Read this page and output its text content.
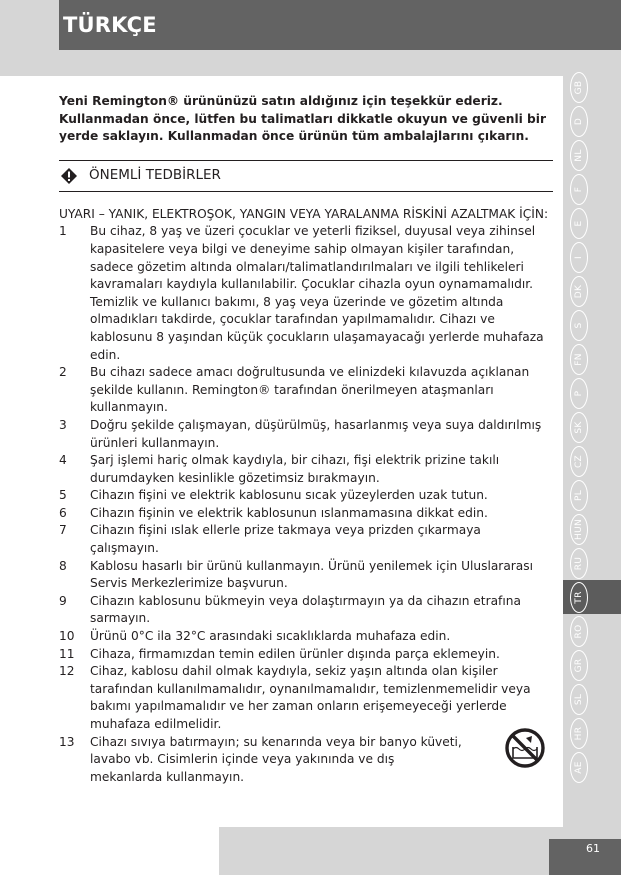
TÜRKÇE
GB
D
NL
F
E
I
DK
S
FN
P
SK
CZ
PL
HUN
RU
TR
RO
GR
SL
HR
AE

Yeni Remington® ürününüzü satın aldığınız için teşekkür ederiz. Kullanmadan önce, lütfen bu talimatları dikkatle okuyun ve güvenli bir yerde saklayın. Kullanmadan önce ürünün tüm ambalajlarını çıkarın.

ÖNEMLİ TEDBİRLER
UYARI – YANIK, ELEKTROŞOK, YANGIN VEYA YARALANMA RİSKİNİ AZALTMAK İÇİN:
1 Bu cihaz, 8 yaş ve üzeri çocuklar ve yeterli fiziksel, duyusal veya zihinsel kapasitelere veya bilgi ve deneyime sahip olmayan kişiler tarafından, sadece gözetim altında olmaları/talimatlandırılmaları ve ilgili tehlikeleri kavramaları kaydıyla kullanılabilir. Çocuklar cihazla oyun oynamamalıdır. Temizlik ve kullanıcı bakımı, 8 yaş veya üzerinde ve gözetim altında olmadıkları takdirde, çocuklar tarafından yapılmamalıdır. Cihazı ve kablosunu 8 yaşından küçük çocukların ulaşamayacağı yerlerde muhafaza edin.
2 Bu cihazı sadece amacı doğrultusunda ve elinizdeki kılavuzda açıklanan şekilde kullanın. Remington® tarafından önerilmeyen ataşmanları kullanmayın.
3 Doğru şekilde çalışmayan, düşürülmüş, hasarlanmış veya suya daldırılmış ürünleri kullanmayın.
4 Şarj işlemi hariç olmak kaydıyla, bir cihazı, fişi elektrik prizine takılı durumdayken kesinlikle gözetimsiz bırakmayın.
5 Cihazın fişini ve elektrik kablosunu sıcak yüzeylerden uzak tutun.
6 Cihazın fişinin ve elektrik kablosunun ıslanmamasına dikkat edin.
7 Cihazın fişini ıslak ellerle prize takmaya veya prizden çıkarmaya çalışmayın.
8 Kablosu hasarlı bir ürünü kullanmayın. Ürünü yenilemek için Uluslararası Servis Merkezlerimize başvurun.
9 Cihazın kablosunu bükmeyin veya dolaştırmayın ya da cihazın etrafına sarmayın.
10 Ürünü 0°C ila 32°C arasındaki sıcaklıklarda muhafaza edin.
11 Cihaza, firmamızdan temin edilen ürünler dışında parça eklemeyin.
12 Cihaz, kablosu dahil olmak kaydıyla, sekiz yaşın altında olan kişiler tarafından kullanılmamalıdır, oynanılmamalıdır, temizlenmemelidir veya bakımı yapılmamalıdır ve her zaman onların erişemeyeceği yerlerde muhafaza edilmelidir.
13 Cihazı sıvıya batırmayın; su kenarında veya bir banyo küveti, lavabo vb. Cisimlerin içinde veya yakınında ve dış mekanlarda kullanmayın.
61
